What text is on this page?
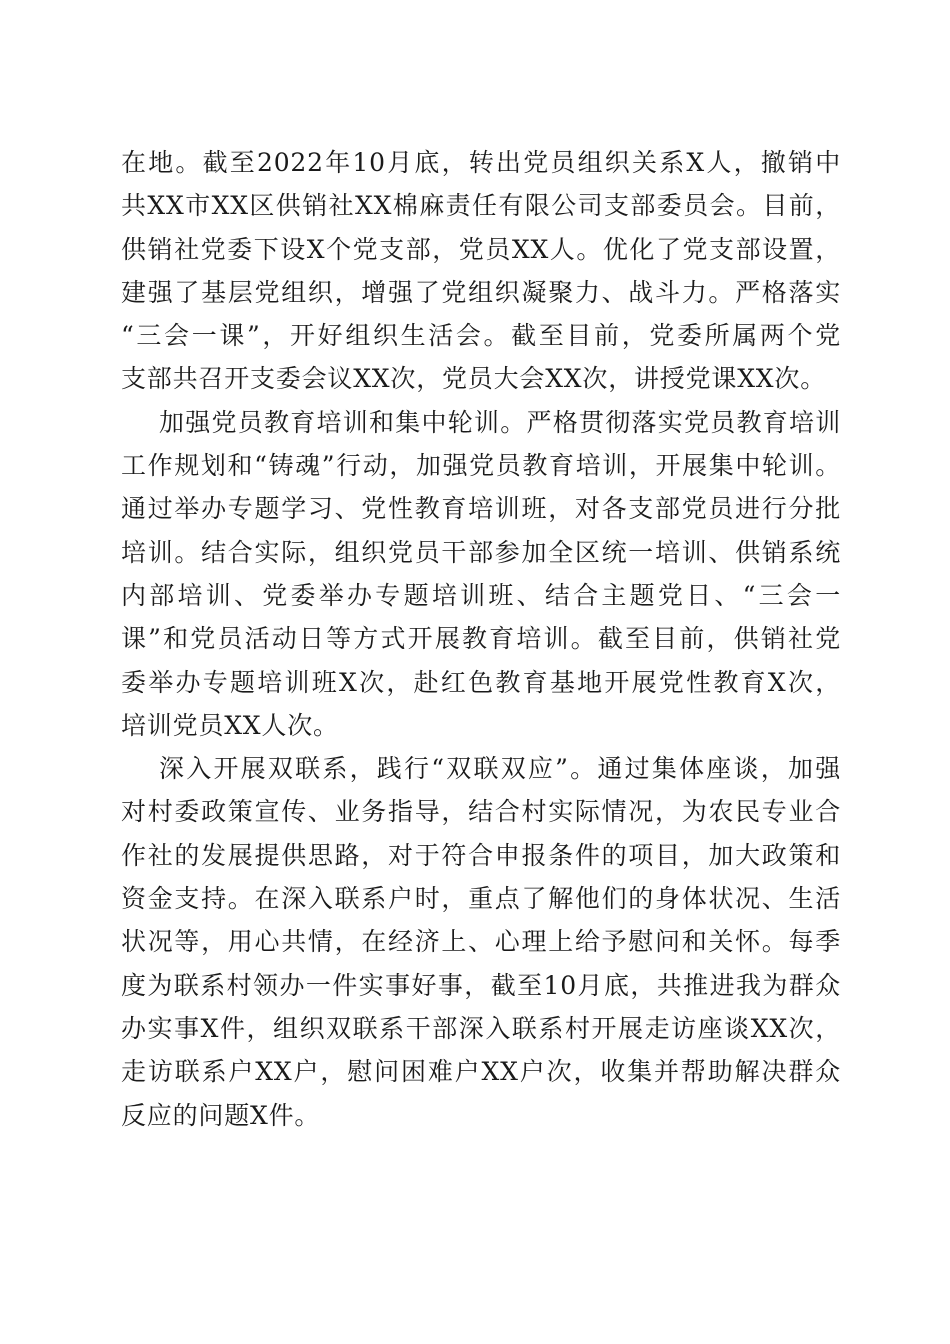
在地。截至2022年10月底，转出党员组织关系X人，撤销中
共XX市XX区供销社XX棉麻责任有限公司支部委员会。目前，
供销社党委下设X个党支部，党员XX人。优化了党支部设置，
建强了基层党组织，增强了党组织凝聚力、战斗力。严格落实
“三会一课”，开好组织生活会。截至目前，党委所属两个党
支部共召开支委会议XX次，党员大会XX次，讲授党课XX次。
加强党员教育培训和集中轮训。严格贯彻落实党员教育培训
工作规划和“铸魂”行动，加强党员教育培训，开展集中轮训。
通过举办专题学习、党性教育培训班，对各支部党员进行分批
培训。结合实际，组织党员干部参加全区统一培训、供销系统
内部培训、党委举办专题培训班、结合主题党日、“三会一
课”和党员活动日等方式开展教育培训。截至目前，供销社党
委举办专题培训班X次，赴红色教育基地开展党性教育X次，
培训党员XX人次。
深入开展双联系，践行“双联双应”。通过集体座谈，加强
对村委政策宣传、业务指导，结合村实际情况，为农民专业合
作社的发展提供思路，对于符合申报条件的项目，加大政策和
资金支持。在深入联系户时，重点了解他们的身体状况、生活
状况等，用心共情，在经济上、心理上给予慰问和关怀。每季
度为联系村领办一件实事好事，截至10月底，共推进我为群众
办实事X件，组织双联系干部深入联系村开展走访座谈XX次，
走访联系户XX户，慰问困难户XX户次，收集并帮助解决群众
反应的问题X件。
